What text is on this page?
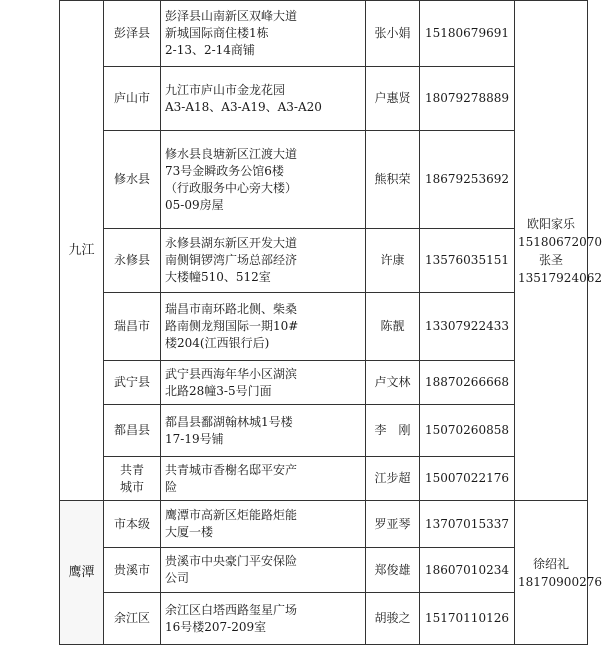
九江	彭泽县	彭泽县山南新区双峰大道
新城国际商住楼1栋
2-13、2-14商铺	张小娟	15180679691	欧阳家乐
15180672070
张圣
13517924062

	庐山市	九江市庐山市金龙花园
A3-A18、A3-A19、A3-A20	户惠贤	18079278889	

	修水县	修水县良塘新区江渡大道
73号金瞬政务公馆6楼
（行政服务中心旁大楼）
05-09房屋	熊积荣	18679253692	

	永修县	永修县湖东新区开发大道
南侧铜锣湾广场总部经济
大楼幢510、512室	许康	13576035151	

	瑞昌市	瑞昌市南环路北侧、柴桑
路南侧龙翔国际一期10#
楼204(江西银行后)	陈靓	13307922433	

	武宁县	武宁县西海年华小区湖滨
北路28幢3-5号门面	卢文林	18870266668	

	都昌县	都昌县鄱湖翰林城1号楼
17-19号铺	李　刚	15070260858	

	共青
城市	共青城市香榭名邸平安产
险	江步超	15007022176	
鹰潭	市本级	鹰潭市高新区炬能路炬能
大厦一楼	罗亚琴	13707015337	徐绍礼
18170900276

	贵溪市	贵溪市中央豪门平安保险
公司	郑俊雄	18607010234	

	余江区	余江区白塔西路玺星广场
16号楼207-209室	胡骏之	15170110126	
